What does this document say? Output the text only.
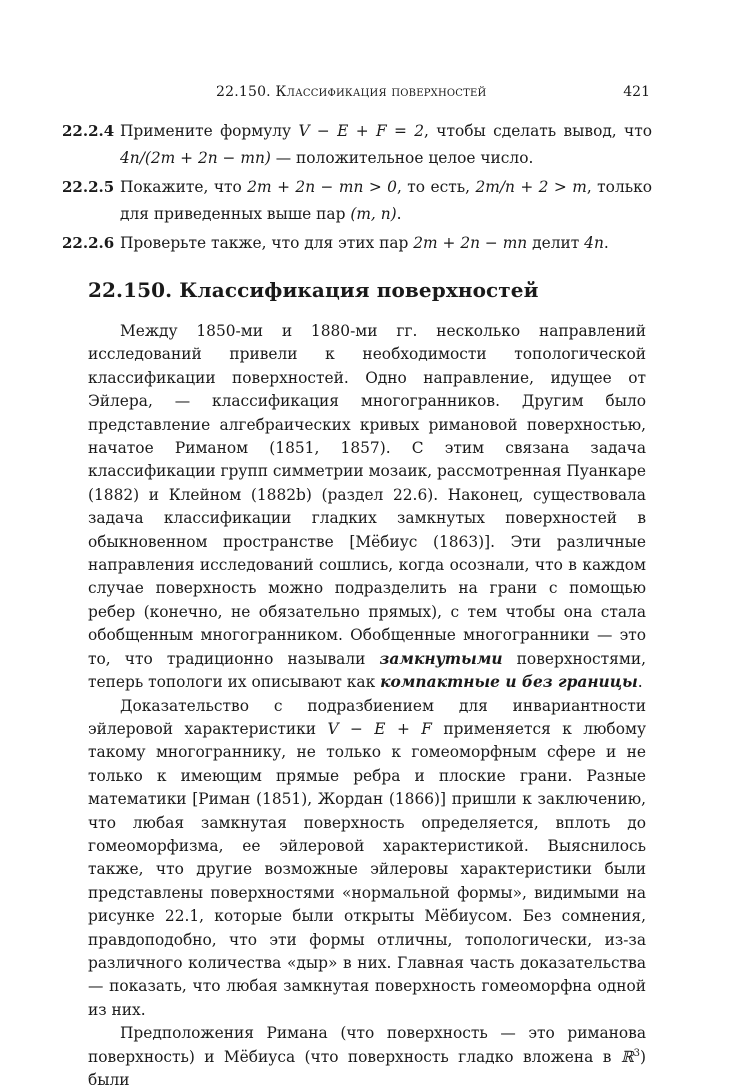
22.150. Классификация поверхностей	421
22.2.4 Примените формулу V − E + F = 2, чтобы сделать вывод, что 4n/(2m + 2n − mn) — положительное целое число.
22.2.5 Покажите, что 2m + 2n − mn > 0, то есть, 2m/n + 2 > m, только для приведенных выше пар (m, n).
22.2.6 Проверьте также, что для этих пар 2m + 2n − mn делит 4n.
22.150. Классификация поверхностей

Между 1850-ми и 1880-ми гг. несколько направлений исследований привели к необходимости топологической классификации поверхностей. Одно направление, идущее от Эйлера, — классификация многогранников. Другим было представление алгебраических кривых римановой поверхностью, начатое Риманом (1851, 1857). С этим связана задача классификации групп симметрии мозаик, рассмотренная Пуанкаре (1882) и Клейном (1882b) (раздел 22.6). Наконец, существовала задача классификации гладких замкнутых поверхностей в обыкновенном пространстве [Мёбиус (1863)]. Эти различные направления исследований сошлись, когда осознали, что в каждом случае поверхность можно подразделить на грани с помощью ребер (конечно, не обязательно прямых), с тем чтобы она стала обобщенным многогранником. Обобщенные многогранники — это то, что традиционно называли замкнутыми поверхностями, теперь топологи их описывают как компактные и без границы.

Доказательство с подразбиением для инвариантности эйлеровой характеристики V − E + F применяется к любому такому многограннику, не только к гомеоморфным сфере и не только к имеющим прямые ребра и плоские грани. Разные математики [Риман (1851), Жордан (1866)] пришли к заключению, что любая замкнутая поверхность определяется, вплоть до гомеоморфизма, ее эйлеровой характеристикой. Выяснилось также, что другие возможные эйлеровы характеристики были представлены поверхностями «нормальной формы», видимыми на рисунке 22.1, которые были открыты Мёбиусом. Без сомнения, правдоподобно, что эти формы отличны, топологически, из-за различного количества «дыр» в них. Главная часть доказательства — показать, что любая замкнутая поверхность гомеоморфна одной из них.

Предположения Римана (что поверхность — это риманова поверхность) и Мёбиуса (что поверхность гладко вложена в ℝ$^3$) были
